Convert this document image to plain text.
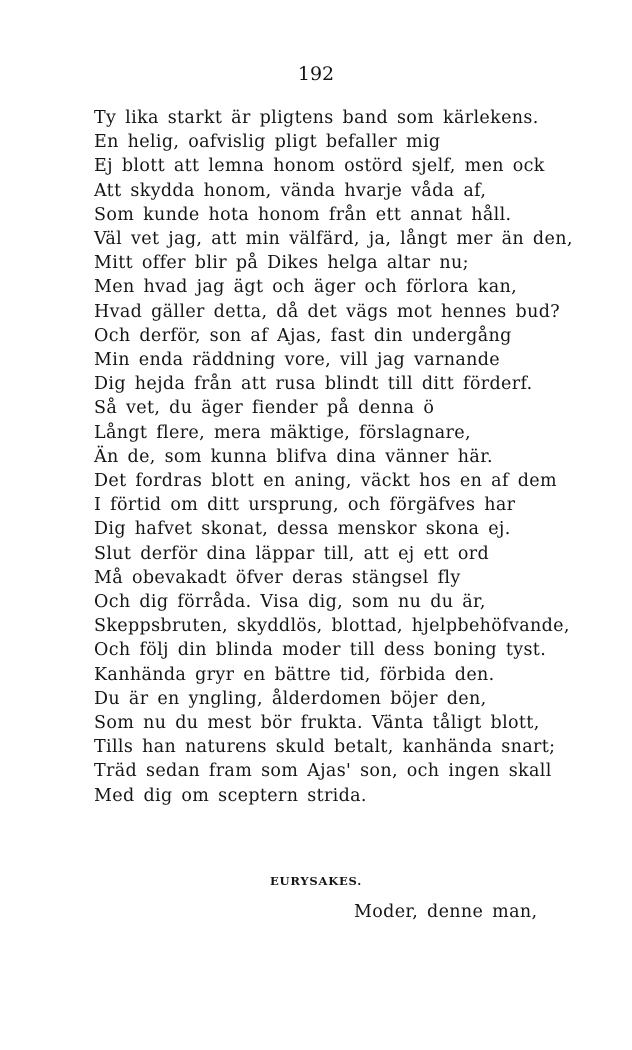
192
Ty lika starkt är pligtens band som kärlekens.
En helig, oafvislig pligt befaller mig
Ej blott att lemna honom ostörd sjelf, men ock
Att skydda honom, vända hvarje våda af,
Som kunde hota honom från ett annat håll.
Väl vet jag, att min välfärd, ja, långt mer än den,
Mitt offer blir på Dikes helga altar nu;
Men hvad jag ägt och äger och förlora kan,
Hvad gäller detta, då det vägs mot hennes bud?
Och derför, son af Ajas, fast din undergång
Min enda räddning vore, vill jag varnande
Dig hejda från att rusa blindt till ditt förderf.
Så vet, du äger fiender på denna ö
Långt flere, mera mäktige, förslagnare,
Än de, som kunna blifva dina vänner här.
Det fordras blott en aning, väckt hos en af dem
I förtid om ditt ursprung, och förgäfves har
Dig hafvet skonat, dessa menskor skona ej.
Slut derför dina läppar till, att ej ett ord
Må obevakadt öfver deras stängsel fly
Och dig förråda. Visa dig, som nu du är,
Skeppsbruten, skyddlös, blottad, hjelpbehöfvande,
Och följ din blinda moder till dess boning tyst.
Kanhända gryr en bättre tid, förbida den.
Du är en yngling, ålderdomen böjer den,
Som nu du mest bör frukta. Vänta tåligt blott,
Tills han naturens skuld betalt, kanhända snart;
Träd sedan fram som Ajas' son, och ingen skall
Med dig om sceptern strida.
EURYSAKES.
Moder, denne man,
